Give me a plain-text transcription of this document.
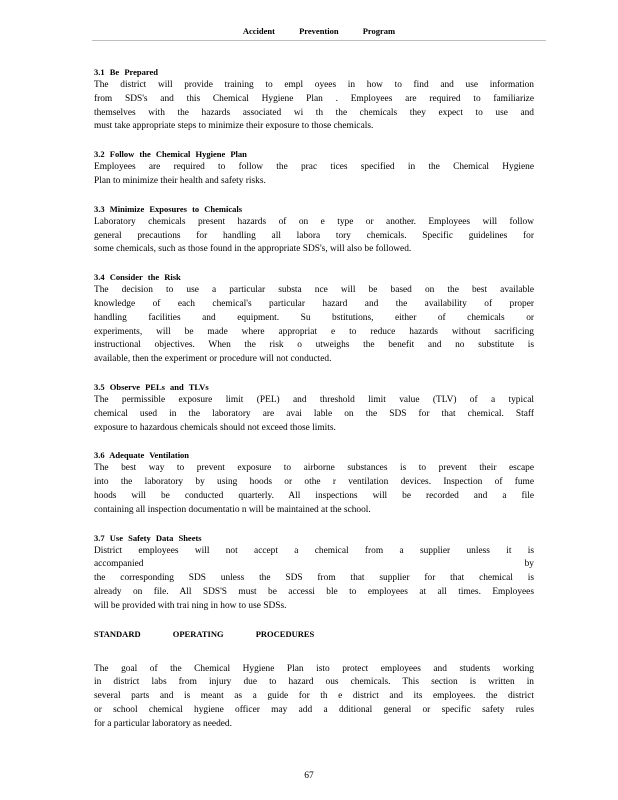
Accident Prevention Program
3.1 Be Prepared
The district will provide training to empl oyees in how to find and use information
from SDS's and this Chemical Hygiene Plan . Employees are required to familiarize
themselves with the hazards associated wi th the chemicals they expect to use and
must take appropriate steps to minimize their exposure to those chemicals.
3.2 Follow the Chemical Hygiene Plan
Employees are required to follow the prac tices specified in the Chemical Hygiene
Plan to minimize their health and safety risks.
3.3 Minimize Exposures to Chemicals
Laboratory chemicals present hazards of on e type or another. Employees will follow
general precautions for handling all labora tory chemicals. Specific guidelines for
some chemicals, such as those found in the appropriate SDS's, will also be followed.
3.4 Consider the Risk
The decision to use a particular substa nce will be based on the best available
knowledge of each chemical's particular hazard and the availability of proper
handling facilities and equipment. Su bstitutions, either of chemicals or
experiments, will be made where appropriat e to reduce hazards without sacrificing
instructional objectives. When the risk o utweighs the benefit and no substitute is
available, then the experiment or procedure will not conducted.
3.5 Observe PELs and TLVs
The permissible exposure limit (PEL) and threshold limit value (TLV) of a typical
chemical used in the laboratory are avai lable on the SDS for that chemical. Staff
exposure to hazardous chemicals should not exceed those limits.
3.6 Adequate Ventilation
The best way to prevent exposure to airborne substances is to prevent their escape
into the laboratory by using hoods or othe r ventilation devices. Inspection of fume
hoods will be conducted quarterly. All inspections will be recorded and a file
containing all inspection documentatio n will be maintained at the school.
3.7 Use Safety Data Sheets
District employees will not accept a chemical from a supplier unless it is
accompanied by
the corresponding SDS unless the SDS from that supplier for that chemical is
already on file. All SDS'S must be accessi ble to employees at all times. Employees
will be provided with trai ning in how to use SDSs.
STANDARD OPERATING PROCEDURES
The goal of the Chemical Hygiene Plan isto protect employees and students working
in district labs from injury due to hazard ous chemicals. This section is written in
several parts and is meant as a guide for th e district and its employees. the district
or school chemical hygiene officer may add a dditional general or specific safety rules
for a particular laboratory as needed.
67
